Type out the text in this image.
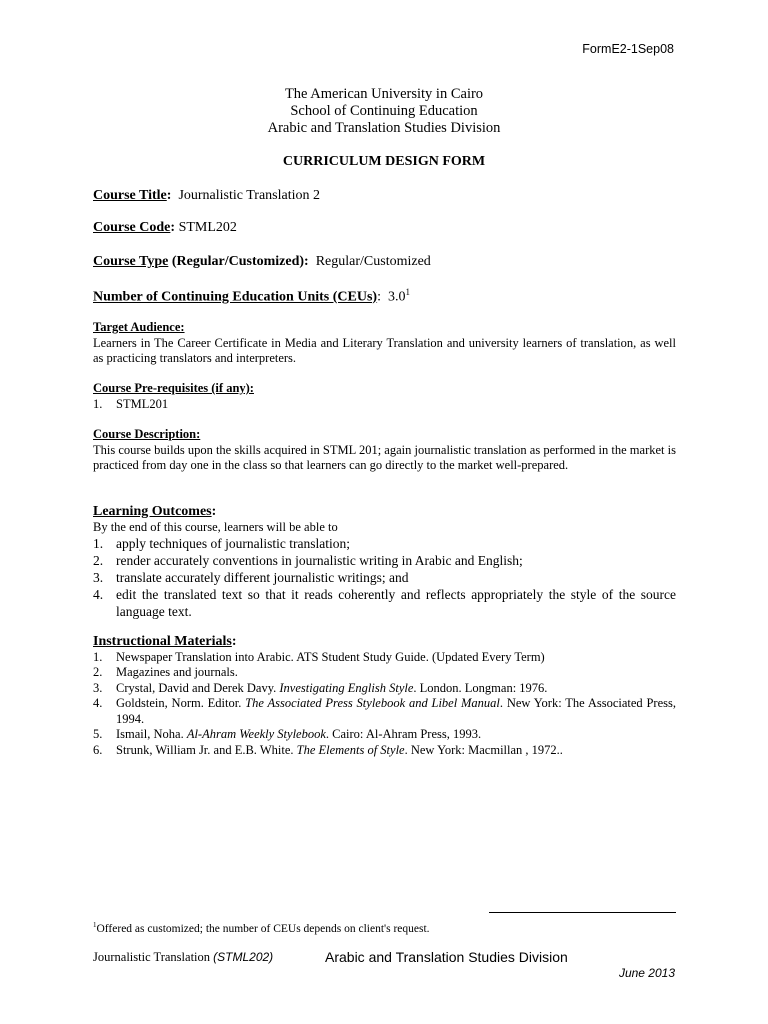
FormE2-1Sep08
The American University in Cairo
School of Continuing Education
Arabic and Translation Studies Division
CURRICULUM DESIGN FORM
Course Title: Journalistic Translation 2
Course Code: STML202
Course Type (Regular/Customized): Regular/Customized
Number of Continuing Education Units (CEUs):  $3.0^1$
Target Audience:
Learners in The Career Certificate in Media and Literary Translation and university learners of translation, as well as practicing translators and interpreters.
Course Pre-requisites (if any):
1. STML201
Course Description:
This course builds upon the skills acquired in STML 201; again journalistic translation as performed in the market is practiced from day one in the class so that learners can go directly to the market well-prepared.
Learning Outcomes:
By the end of this course, learners will be able to
1. apply techniques of journalistic translation;
2. render accurately conventions in journalistic writing in Arabic and English;
3. translate accurately different journalistic writings; and
4. edit the translated text so that it reads coherently and reflects appropriately the style of the source language text.
Instructional Materials:
1. Newspaper Translation into Arabic. ATS Student Study Guide. (Updated Every Term)
2. Magazines and journals.
3. Crystal, David and Derek Davy. Investigating English Style. London. Longman: 1976.
4. Goldstein, Norm. Editor. The Associated Press Stylebook and Libel Manual. New York: The Associated Press, 1994.
5. Ismail, Noha. Al-Ahram Weekly Stylebook. Cairo: Al-Ahram Press, 1993.
6. Strunk, William Jr. and E.B. White. The Elements of Style. New York: Macmillan , 1972..
$^1$Offered as customized; the number of CEUs depends on client's request.
Journalistic Translation (STML202)	Arabic and Translation Studies Division
June 2013
